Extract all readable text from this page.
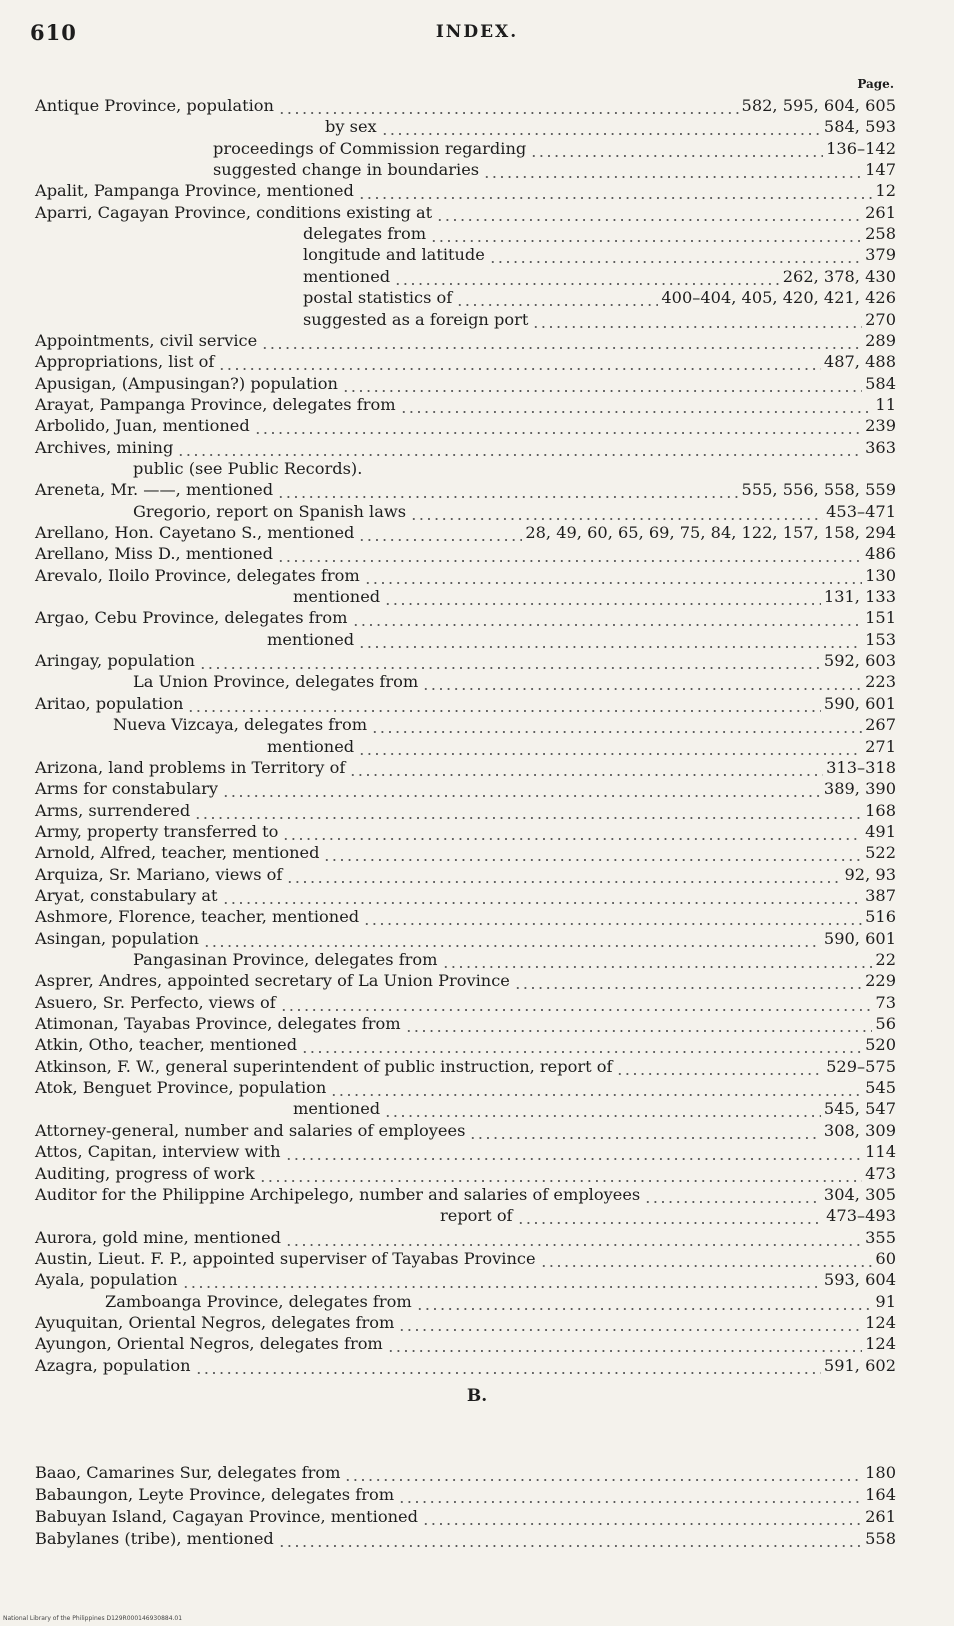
610	INDEX.
Page.
Antique Province, population	582, 595, 604, 605
by sex	584, 593
proceedings of Commission regarding	136–142
suggested change in boundaries	147
Apalit, Pampanga Province, mentioned	12
Aparri, Cagayan Province, conditions existing at	261
delegates from	258
longitude and latitude	379
mentioned	262, 378, 430
postal statistics of	400–404, 405, 420, 421, 426
suggested as a foreign port	270
Appointments, civil service	289
Appropriations, list of	487, 488
Apusigan, (Ampusingan?) population	584
Arayat, Pampanga Province, delegates from	11
Arbolido, Juan, mentioned	239
Archives, mining	363
public (see Public Records).
Areneta, Mr. ——, mentioned	555, 556, 558, 559
Gregorio, report on Spanish laws	453–471
Arellano, Hon. Cayetano S., mentioned	28, 49, 60, 65, 69, 75, 84, 122, 157, 158, 294
Arellano, Miss D., mentioned	486
Arevalo, Iloilo Province, delegates from	130
mentioned	131, 133
Argao, Cebu Province, delegates from	151
mentioned	153
Aringay, population	592, 603
La Union Province, delegates from	223
Aritao, population	590, 601
Nueva Vizcaya, delegates from	267
mentioned	271
Arizona, land problems in Territory of	313–318
Arms for constabulary	389, 390
Arms, surrendered	168
Army, property transferred to	491
Arnold, Alfred, teacher, mentioned	522
Arquiza, Sr. Mariano, views of	92, 93
Aryat, constabulary at	387
Ashmore, Florence, teacher, mentioned	516
Asingan, population	590, 601
Pangasinan Province, delegates from	22
Asprer, Andres, appointed secretary of La Union Province	229
Asuero, Sr. Perfecto, views of	73
Atimonan, Tayabas Province, delegates from	56
Atkin, Otho, teacher, mentioned	520
Atkinson, F. W., general superintendent of public instruction, report of	529–575
Atok, Benguet Province, population	545
mentioned	545, 547
Attorney-general, number and salaries of employees	308, 309
Attos, Capitan, interview with	114
Auditing, progress of work	473
Auditor for the Philippine Archipelego, number and salaries of employees	304, 305
report of	473–493
Aurora, gold mine, mentioned	355
Austin, Lieut. F. P., appointed superviser of Tayabas Province	60
Ayala, population	593, 604
Zamboanga Province, delegates from	91
Ayuquitan, Oriental Negros, delegates from	124
Ayungon, Oriental Negros, delegates from	124
Azagra, population	591, 602
B.
Baao, Camarines Sur, delegates from	180
Babaungon, Leyte Province, delegates from	164
Babuyan Island, Cagayan Province, mentioned	261
Babylanes (tribe), mentioned	558
National Library of the Philippines D129R000146930884.01
